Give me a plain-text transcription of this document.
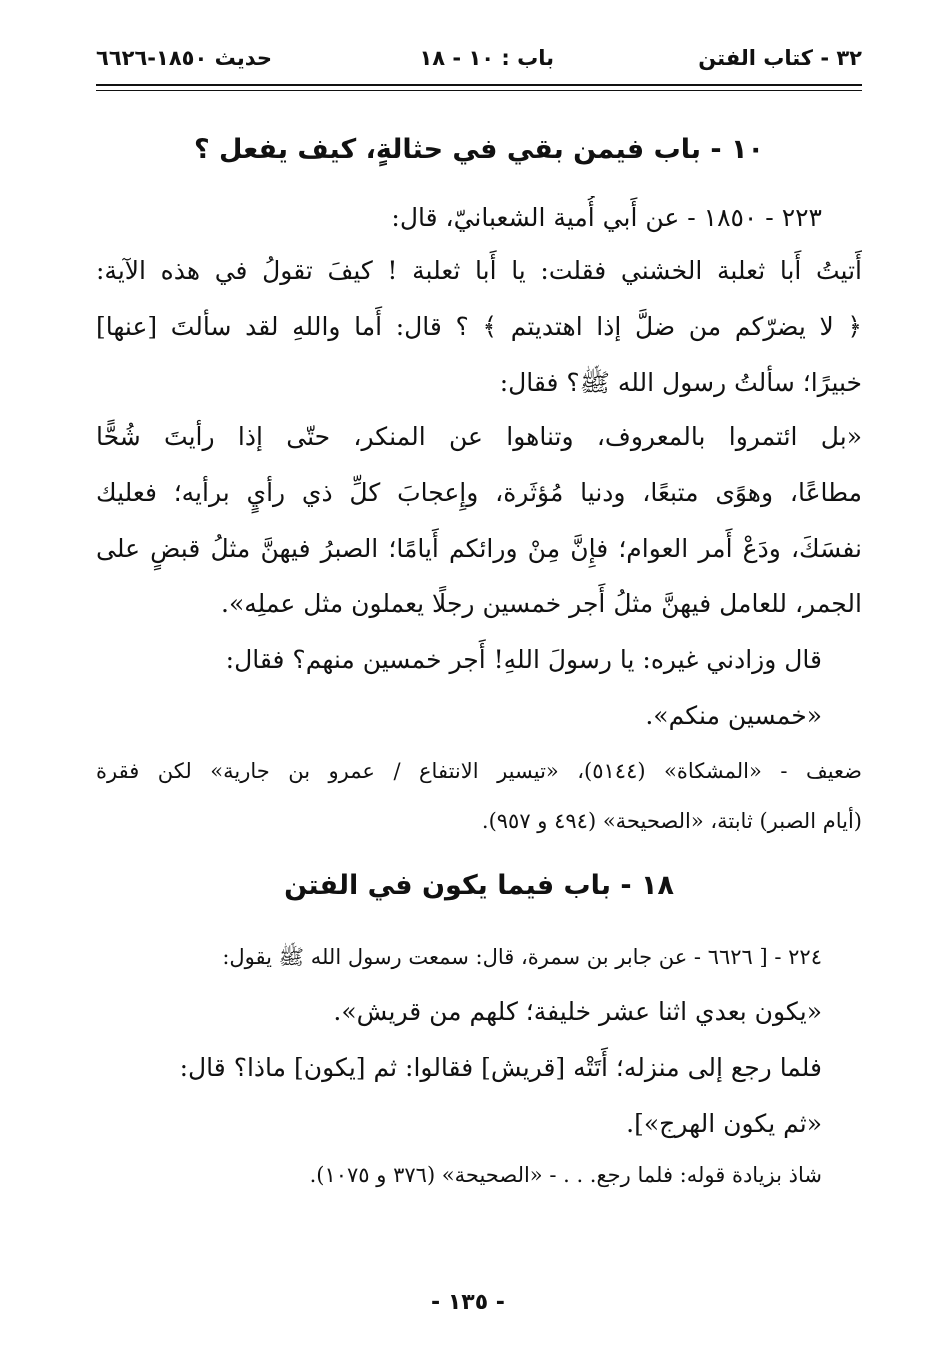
٣٢ - كتاب الفتن
باب : ١٠ - ١٨
حديث ١٨٥٠-٦٦٢٦
١٠ - باب فيمن بقي في حثالةٍ، كيف يفعل ؟
٢٢٣ - ١٨٥٠ - عن أَبي أُمية الشعبانيّ، قال:
أَتيتُ أَبا ثعلبة الخشني فقلت: يا أَبا ثعلبة ! كيفَ تقولُ في هذه الآية:
﴿ لا يضرّكم من ضلَّ إذا اهتديتم ﴾ ؟ قال: أَما واللهِ لقد سألتَ [عنها]
خبيرًا؛ سألتُ رسول الله ﷺ؟ فقال:
«بل ائتمروا بالمعروف، وتناهوا عن المنكر، حتّى إذا رأيتَ شُحًّا
مطاعًا، وهوًى متبعًا، ودنيا مُؤثَرة، وإِعجابَ كلِّ ذي رأيٍ برأيه؛ فعليك
نفسَكَ، ودَعْ أَمر العوام؛ فإِنَّ مِنْ ورائكم أَيامًا؛ الصبرُ فيهنَّ مثلُ قبضٍ على
الجمر، للعامل فيهنَّ مثلُ أَجر خمسين رجلًا يعملون مثل عملِه».
قال وزادني غيره: يا رسولَ اللهِ! أَجر خمسين منهم؟ فقال:
«خمسين منكم».
ضعيف - «المشكاة» (٥١٤٤)، «تيسير الانتفاع / عمرو بن جارية» لكن فقرة
(أيام الصبر) ثابتة، «الصحيحة» (٤٩٤ و ٩٥٧).
١٨ - باب فيما يكون في الفتن
٢٢٤ - [ ٦٦٢٦ - عن جابر بن سمرة، قال: سمعت رسول الله ﷺ يقول:
«يكون بعدي اثنا عشر خليفة؛ كلهم من قريش».
فلما رجع إلى منزله؛ أَتَتْه [قريش] فقالوا: ثم [يكون] ماذا؟ قال:
«ثم يكون الهرج»].
شاذ بزيادة قوله: فلما رجع. . . - «الصحيحة» (٣٧٦ و ١٠٧٥).
- ١٣٥ -
